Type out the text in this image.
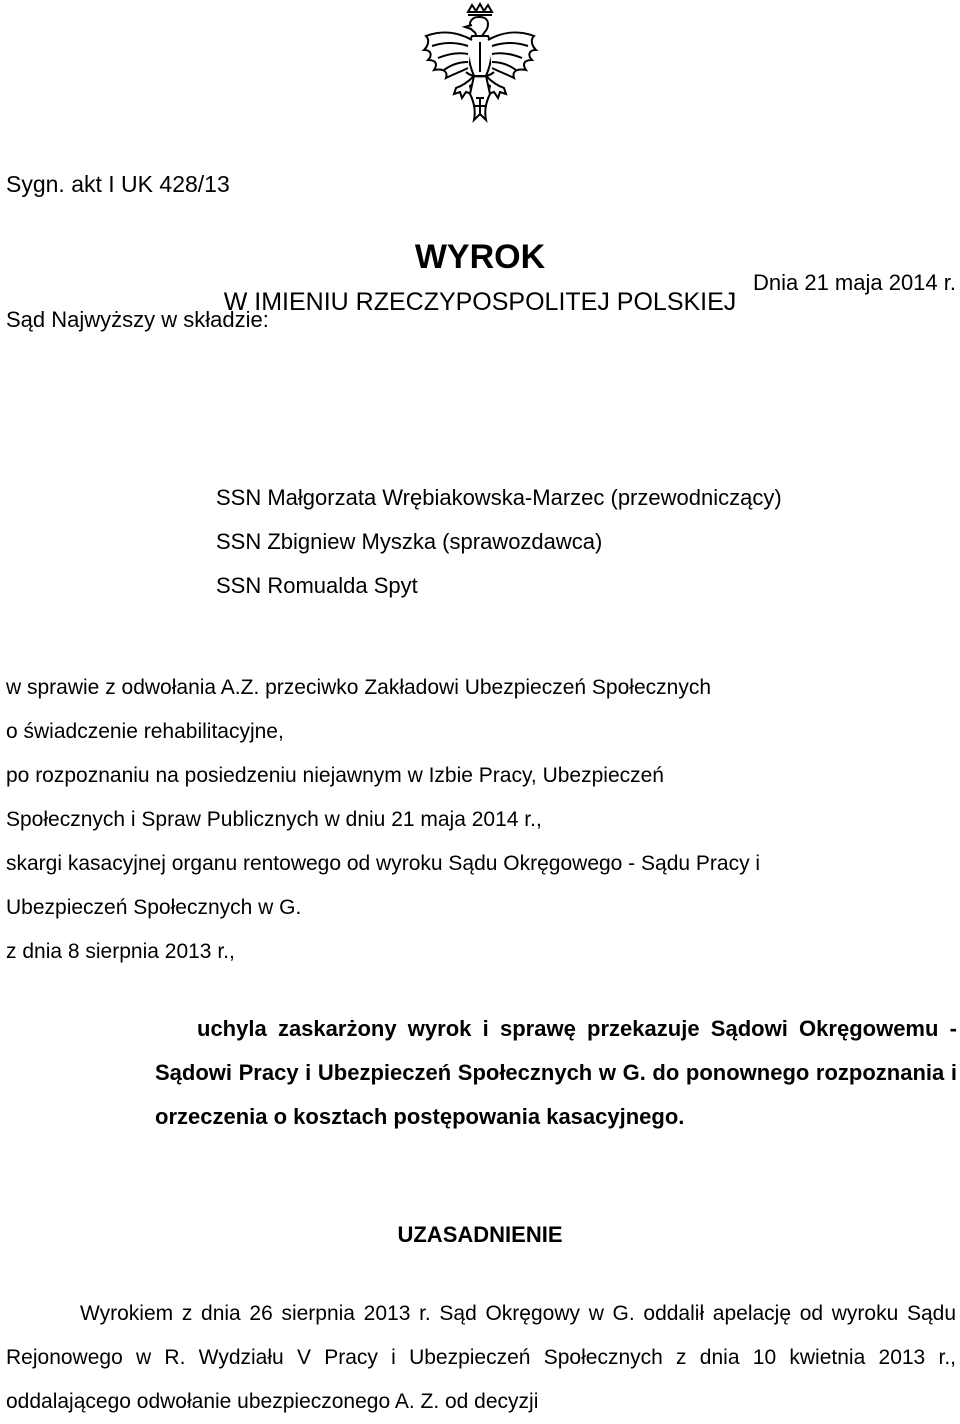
Sygn. akt I UK 428/13

WYROK

W IMIENIU RZECZYPOSPOLITEJ POLSKIEJ

Dnia 21 maja 2014 r.

Sąd Najwyższy w składzie:

SSN Małgorzata Wrębiakowska-Marzec (przewodniczący)

SSN Zbigniew Myszka (sprawozdawca)

SSN Romualda Spyt

w sprawie z odwołania A.Z. przeciwko Zakładowi Ubezpieczeń Społecznych
o świadczenie rehabilitacyjne,
po rozpoznaniu na posiedzeniu niejawnym w Izbie Pracy, Ubezpieczeń
Społecznych i Spraw Publicznych w dniu 21 maja 2014 r.,
skargi kasacyjnej organu rentowego od wyroku Sądu Okręgowego - Sądu Pracy i
Ubezpieczeń Społecznych w G.
z dnia 8 sierpnia 2013 r.,

uchyla zaskarżony wyrok i sprawę przekazuje Sądowi Okręgowemu - Sądowi Pracy i Ubezpieczeń Społecznych w G. do ponownego rozpoznania i orzeczenia o kosztach postępowania kasacyjnego.

UZASADNIENIE

Wyrokiem z dnia 26 sierpnia 2013 r. Sąd Okręgowy w G. oddalił apelację od wyroku Sądu Rejonowego w R. Wydziału V Pracy i Ubezpieczeń Społecznych z dnia 10 kwietnia 2013 r., oddalającego odwołanie ubezpieczonego A. Z. od decyzji
